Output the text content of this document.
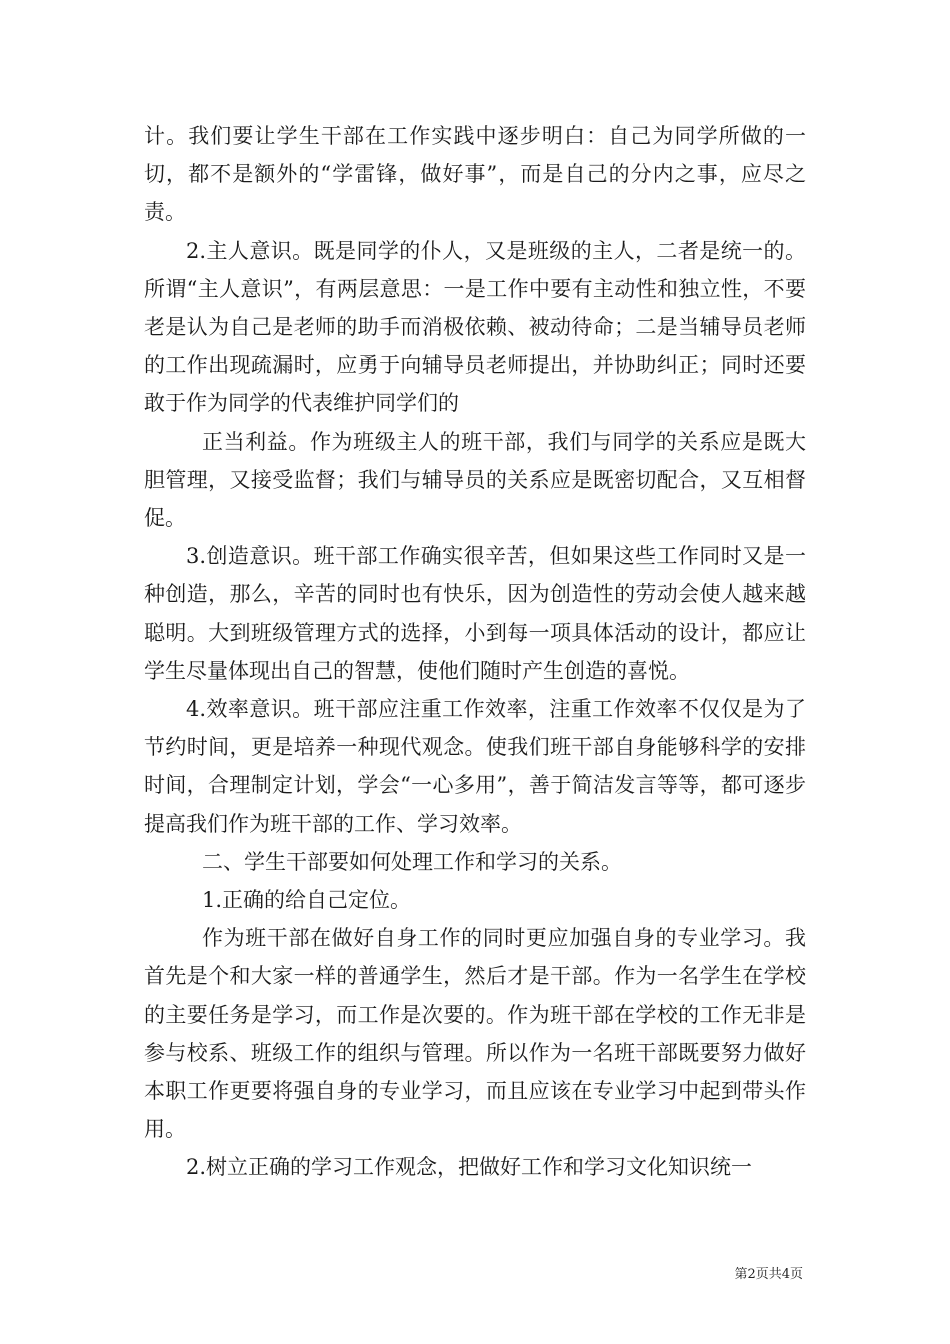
计。我们要让学生干部在工作实践中逐步明白：自己为同学所做的一切，都不是额外的“学雷锋，做好事”，而是自己的分内之事，应尽之责。

2.主人意识。既是同学的仆人，又是班级的主人，二者是统一的。所谓“主人意识”，有两层意思：一是工作中要有主动性和独立性，不要老是认为自己是老师的助手而消极依赖、被动待命；二是当辅导员老师的工作出现疏漏时，应勇于向辅导员老师提出，并协助纠正；同时还要敢于作为同学的代表维护同学们的

正当利益。作为班级主人的班干部，我们与同学的关系应是既大胆管理，又接受监督；我们与辅导员的关系应是既密切配合，又互相督促。

3.创造意识。班干部工作确实很辛苦，但如果这些工作同时又是一种创造，那么，辛苦的同时也有快乐，因为创造性的劳动会使人越来越聪明。大到班级管理方式的选择，小到每一项具体活动的设计，都应让学生尽量体现出自己的智慧，使他们随时产生创造的喜悦。

4.效率意识。班干部应注重工作效率，注重工作效率不仅仅是为了节约时间，更是培养一种现代观念。使我们班干部自身能够科学的安排时间，合理制定计划，学会“一心多用”，善于简洁发言等等，都可逐步提高我们作为班干部的工作、学习效率。

二、学生干部要如何处理工作和学习的关系。

1.正确的给自己定位。

作为班干部在做好自身工作的同时更应加强自身的专业学习。我首先是个和大家一样的普通学生，然后才是干部。作为一名学生在学校的主要任务是学习，而工作是次要的。作为班干部在学校的工作无非是参与校系、班级工作的组织与管理。所以作为一名班干部既要努力做好本职工作更要将强自身的专业学习，而且应该在专业学习中起到带头作用。

2.树立正确的学习工作观念，把做好工作和学习文化知识统一

第2页共4页
